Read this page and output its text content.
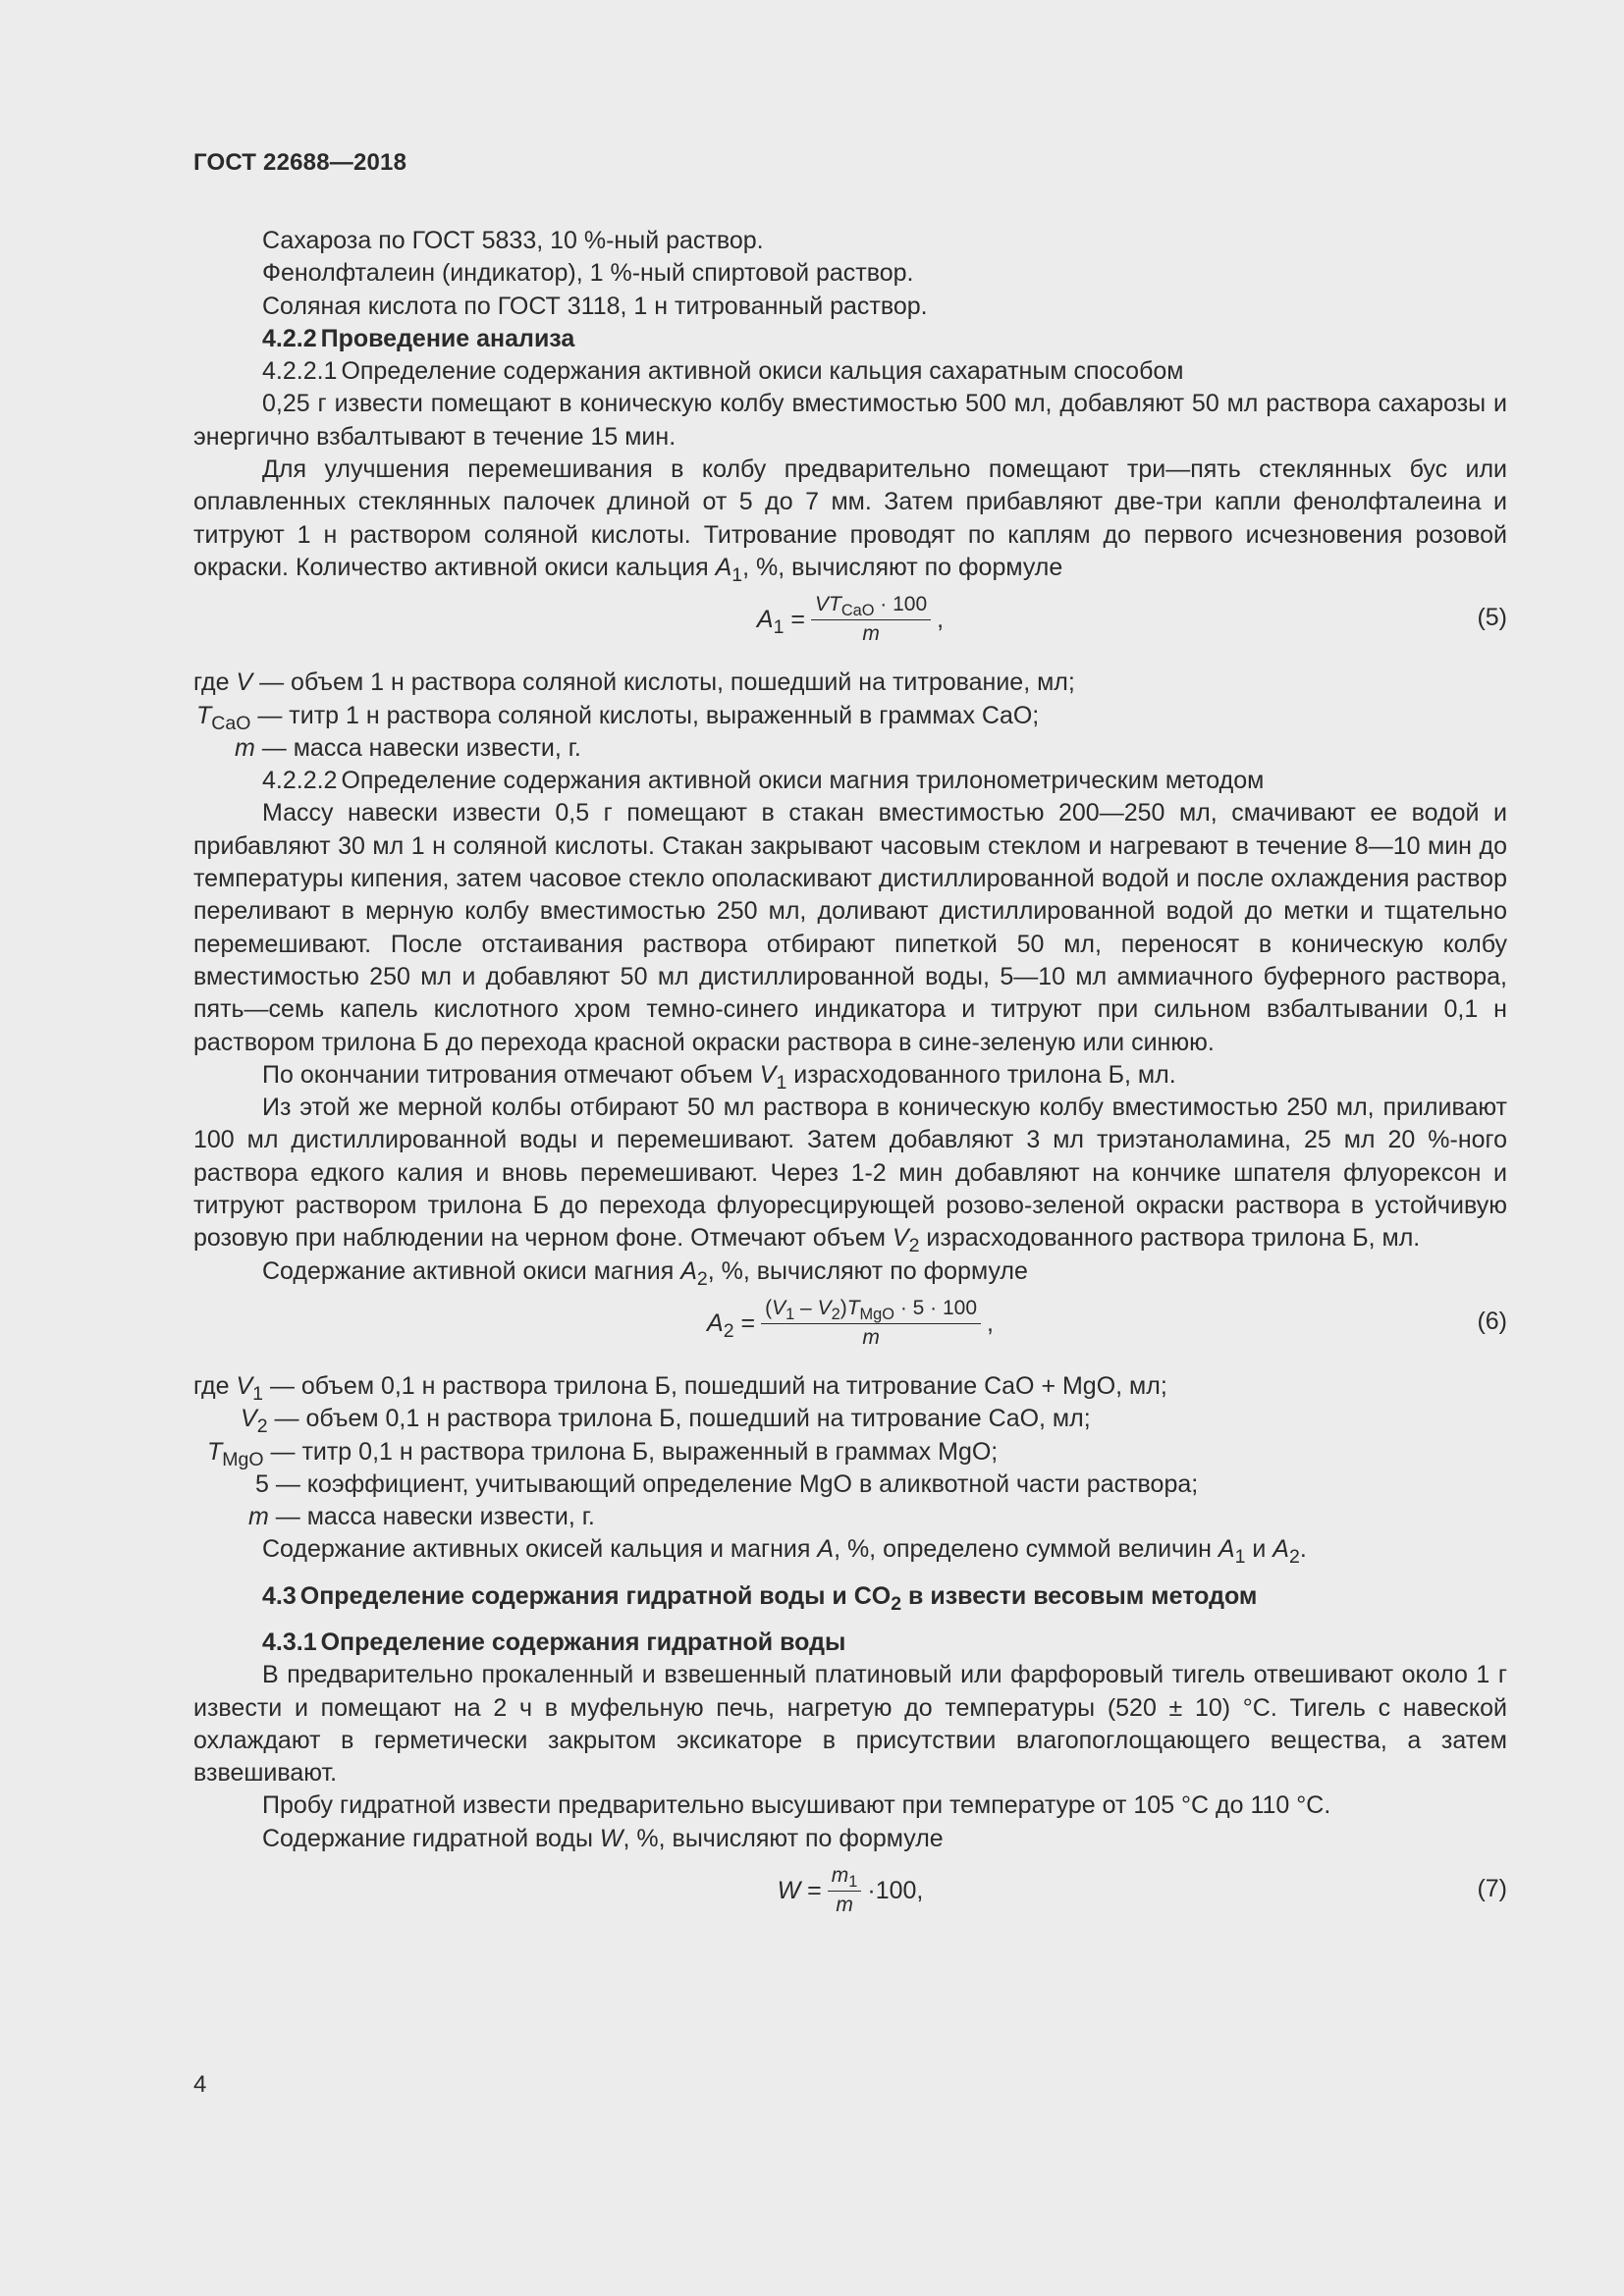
ГОСТ 22688—2018

Сахароза по ГОСТ 5833, 10 %-ный раствор.

Фенолфталеин (индикатор), 1 %-ный спиртовой раствор.

Соляная кислота по ГОСТ 3118, 1 н титрованный раствор.

4.2.2 Проведение анализа

4.2.2.1 Определение содержания активной окиси кальция сахаратным способом

0,25 г извести помещают в коническую колбу вместимостью 500 мл, добавляют 50 мл раствора сахарозы и энергично взбалтывают в течение 15 мин.

Для улучшения перемешивания в колбу предварительно помещают три—пять стеклянных бус или оплавленных стеклянных палочек длиной от 5 до 7 мм. Затем прибавляют две-три капли фенолфталеина и титруют 1 н раствором соляной кислоты. Титрование проводят по каплям до первого исчезновения розовой окраски. Количество активной окиси кальция $A_1$, %, вычисляют по формуле

$A_1 = \frac{VT_{CaO} \cdot 100}{m}$ ,	(5)

где V — объем 1 н раствора соляной кислоты, пошедший на титрование, мл;

$T_{CaO}$ — титр 1 н раствора соляной кислоты, выраженный в граммах CaO;

m — масса навески извести, г.

4.2.2.2 Определение содержания активной окиси магния трилонометрическим методом

Массу навески извести 0,5 г помещают в стакан вместимостью 200—250 мл, смачивают ее водой и прибавляют 30 мл 1 н соляной кислоты. Стакан закрывают часовым стеклом и нагревают в течение 8—10 мин до температуры кипения, затем часовое стекло ополаскивают дистиллированной водой и после охлаждения раствор переливают в мерную колбу вместимостью 250 мл, доливают дистиллированной водой до метки и тщательно перемешивают. После отстаивания раствора отбирают пипеткой 50 мл, переносят в коническую колбу вместимостью 250 мл и добавляют 50 мл дистиллированной воды, 5—10 мл аммиачного буферного раствора, пять—семь капель кислотного хром темно-синего индикатора и титруют при сильном взбалтывании 0,1 н раствором трилона Б до перехода красной окраски раствора в сине-зеленую или синюю.

По окончании титрования отмечают объем $V_1$ израсходованного трилона Б, мл.

Из этой же мерной колбы отбирают 50 мл раствора в коническую колбу вместимостью 250 мл, приливают 100 мл дистиллированной воды и перемешивают. Затем добавляют 3 мл триэтаноламина, 25 мл 20 %-ного раствора едкого калия и вновь перемешивают. Через 1-2 мин добавляют на кончике шпателя флуорексон и титруют раствором трилона Б до перехода флуоресцирующей розово-зеленой окраски раствора в устойчивую розовую при наблюдении на черном фоне. Отмечают объем $V_2$ израсходованного раствора трилона Б, мл.

Содержание активной окиси магния $A_2$, %, вычисляют по формуле

$A_2 = \frac{(V_1 - V_2)T_{MgO} \cdot 5 \cdot 100}{m}$ ,	(6)

где $V_1$ — объем 0,1 н раствора трилона Б, пошедший на титрование CaO + MgO, мл;

$V_2$ — объем 0,1 н раствора трилона Б, пошедший на титрование CaO, мл;

$T_{MgO}$ — титр 0,1 н раствора трилона Б, выраженный в граммах MgO;

5 — коэффициент, учитывающий определение MgO в аликвотной части раствора;

m — масса навески извести, г.

Содержание активных окисей кальция и магния A, %, определено суммой величин $A_1$ и $A_2$.

4.3 Определение содержания гидратной воды и $CO_2$ в извести весовым методом

4.3.1 Определение содержания гидратной воды

В предварительно прокаленный и взвешенный платиновый или фарфоровый тигель отвешивают около 1 г извести и помещают на 2 ч в муфельную печь, нагретую до температуры (520 ± 10) °С. Тигель с навеской охлаждают в герметически закрытом эксикаторе в присутствии влагопоглощающего вещества, а затем взвешивают.

Пробу гидратной извести предварительно высушивают при температуре от 105 °С до 110 °С.

Содержание гидратной воды W, %, вычисляют по формуле

$W = \frac{m_1}{m} \cdot 100$,	(7)
4
